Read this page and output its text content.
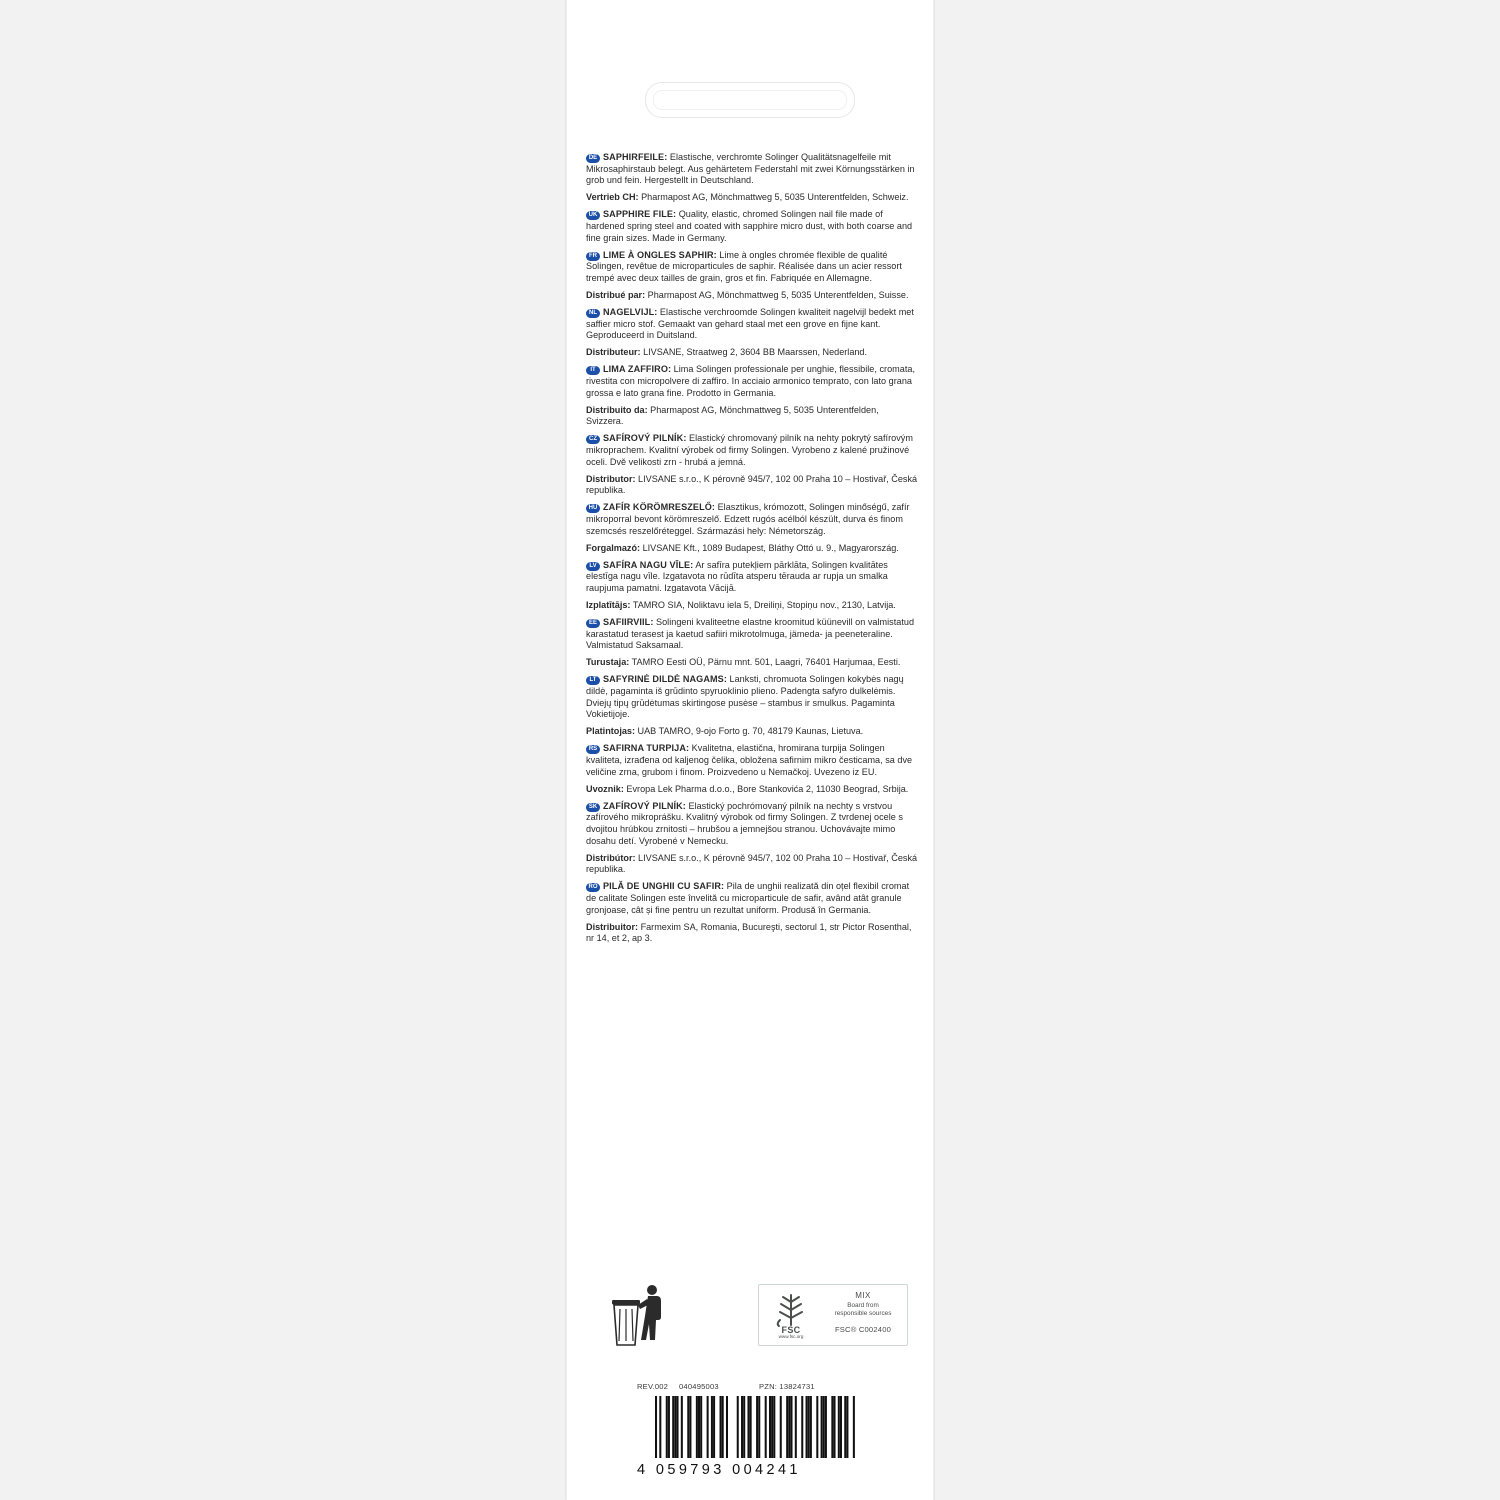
DE SAPHIRFEILE: Elastische, verchromte Solinger Qualitätsnagelfeile mit Mikrosaphirstaub belegt. Aus gehärtetem Federstahl mit zwei Körnungsstärken in grob und fein. Hergestellt in Deutschland.
Vertrieb CH: Pharmapost AG, Mönchmattweg 5, 5035 Unterentfelden, Schweiz.
UK SAPPHIRE FILE: Quality, elastic, chromed Solingen nail file made of hardened spring steel and coated with sapphire micro dust, with both coarse and fine grain sizes. Made in Germany.
FR LIME À ONGLES SAPHIR: Lime à ongles chromée flexible de qualité Solingen, revêtue de microparticules de saphir. Réalisée dans un acier ressort trempé avec deux tailles de grain, gros et fin. Fabriquée en Allemagne.
Distribué par: Pharmapost AG, Mönchmattweg 5, 5035 Unterentfelden, Suisse.
NL NAGELVIJL: Elastische verchroomde Solingen kwaliteit nagelvijl bedekt met saffier micro stof. Gemaakt van gehard staal met een grove en fijne kant. Geproduceerd in Duitsland.
Distributeur: LIVSANE, Straatweg 2, 3604 BB Maarssen, Nederland.
IT LIMA ZAFFIRO: Lima Solingen professionale per unghie, flessibile, cromata, rivestita con micropolvere di zaffiro. In acciaio armonico temprato, con lato grana grossa e lato grana fine. Prodotto in Germania.
Distribuito da: Pharmapost AG, Mönchmattweg 5, 5035 Unterentfelden, Svizzera.
CZ SAFÍROVÝ PILNÍK: Elastický chromovaný pilník na nehty pokrytý safírovým mikroprachem. Kvalitní výrobek od firmy Solingen. Vyrobeno z kalené pružinové oceli. Dvě velikosti zrn - hrubá a jemná.
Distributor: LIVSANE s.r.o., K pérovně 945/7, 102 00 Praha 10 – Hostivař, Česká republika.
HU ZAFÍR KÖRÖMRESZELŐ: Elasztikus, krómozott, Solingen minőségű, zafír mikroporral bevont körömreszelő. Edzett rugós acélból készült, durva és finom szemcsés reszelőréteggel. Származási hely: Németország.
Forgalmazó: LIVSANE Kft., 1089 Budapest, Bláthy Ottó u. 9., Magyarország.
LV SAFÍRA NAGU VĪLE: Ar safīra putekļiem pārklāta, Solingen kvalitātes elestīga nagu vīle. Izgatavota no rūdīta atsperu tērauda ar rupja un smalka raupjuma pamatni. Izgatavota Vācijā.
Izplatītājs: TAMRO SIA, Noliktavu iela 5, Dreiliņi, Stopiņu nov., 2130, Latvija.
EE SAFIIRVIIL: Solingeni kvaliteetne elastne kroomitud küünevill on valmistatud karastatud terasest ja kaetud safiiri mikrotolmuga, jämeda- ja peeneteraline. Valmistatud Saksamaal.
Turustaja: TAMRO Eesti OÜ, Pärnu mnt. 501, Laagri, 76401 Harjumaa, Eesti.
LT SAFYRINĖ DILDĖ NAGAMS: Lanksti, chromuota Solingen kokybės nagų dildė, pagaminta iš grūdinto spyruoklinio plieno. Padengta safyro dulkelėmis. Dviejų tipų grūdėtumas skirtingose pusėse – stambus ir smulkus. Pagaminta Vokietijoje.
Platintojas: UAB TAMRO, 9-ojo Forto g. 70, 48179 Kaunas, Lietuva.
RS SAFIRNA TURPIJA: Kvalitetna, elastična, hromirana turpija Solingen kvaliteta, izrađena od kaljenog čelika, obložena safirnim mikro česticama, sa dve veličine zrna, grubom i finom. Proizvedeno u Nemačkoj. Uvezeno iz EU.
Uvoznik: Evropa Lek Pharma d.o.o., Bore Stankovića 2, 11030 Beograd, Srbija.
SK ZAFÍROVÝ PILNÍK: Elastický pochrómovaný pilník na nechty s vrstvou zafírového mikroprášku. Kvalitný výrobok od firmy Solingen. Z tvrdenej ocele s dvojitou hrúbkou zrnitosti – hrubšou a jemnejšou stranou. Uchovávajte mimo dosahu detí. Vyrobené v Nemecku.
Distribútor: LIVSANE s.r.o., K pérovně 945/7, 102 00 Praha 10 – Hostivař, Česká republika.
RO PILĂ DE UNGHII CU SAFIR: Pila de unghii realizată din oțel flexibil cromat de calitate Solingen este învelită cu microparticule de safir, având atât granule gronjoase, cât și fine pentru un rezultat uniform. Produsă în Germania.
Distribuitor: Farmexim SA, Romania, Bucureşti, sectorul 1, str Pictor Rosenthal, nr 14, et 2, ap 3.
FSC
www.fsc.org
MIX
Board from
responsible sources
FSC® C002400
REV.002 040495003	PZN: 13824731
4 059793 004241
